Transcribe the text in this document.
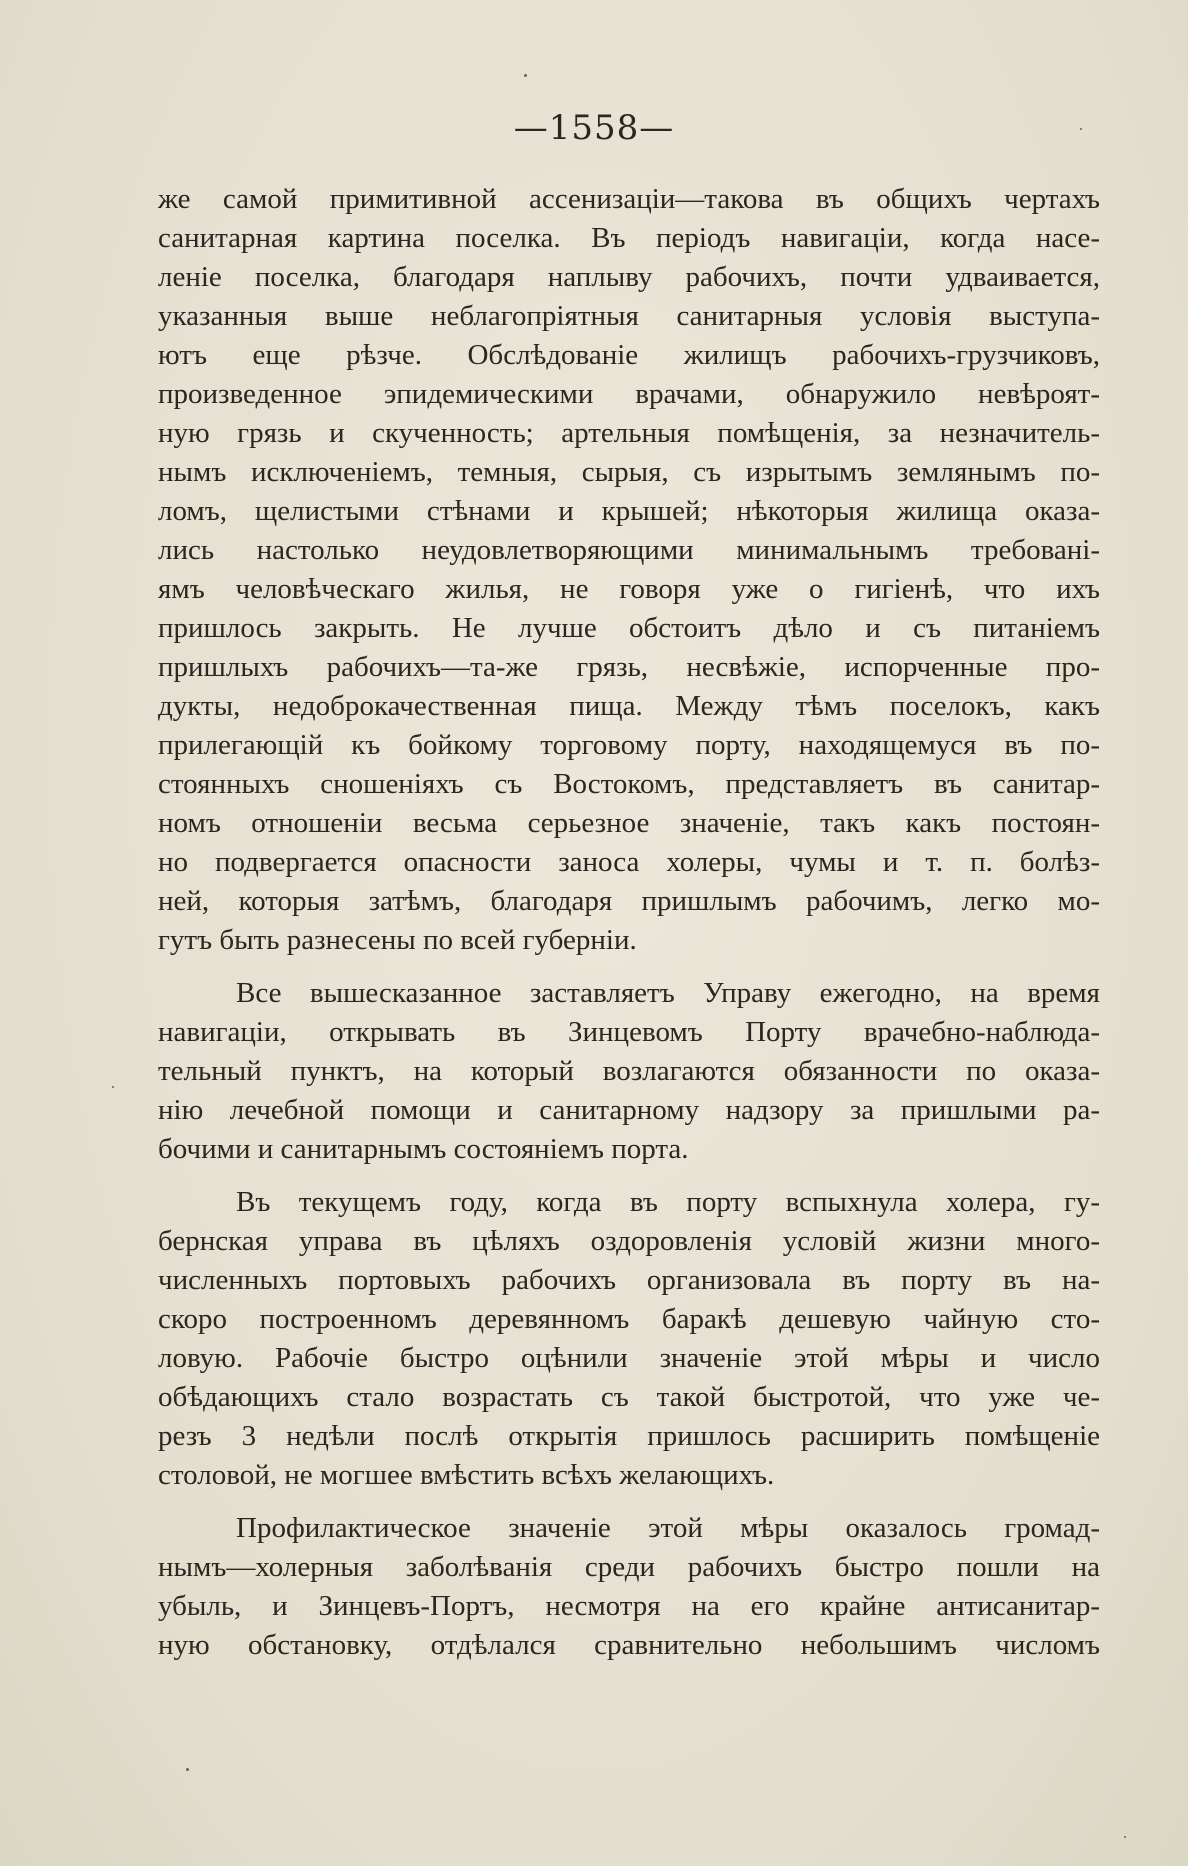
—1558—
же самой примитивной ассенизаціи—такова въ общихъ чертахъ
санитарная картина поселка. Въ періодъ навигаціи, когда насе-
леніе поселка, благодаря наплыву рабочихъ, почти удваивается,
указанныя выше неблагопріятныя санитарныя условія выступа-
ютъ еще рѣзче. Обслѣдованіе жилищъ рабочихъ-грузчиковъ,
произведенное эпидемическими врачами, обнаружило невѣроят-
ную грязь и скученность; артельныя помѣщенія, за незначитель-
нымъ исключеніемъ, темныя, сырыя, съ изрытымъ землянымъ по-
ломъ, щелистыми стѣнами и крышей; нѣкоторыя жилища оказа-
лись настолько неудовлетворяющими минимальнымъ требованi-
ямъ человѣческаго жилья, не говоря уже о гигіенѣ, что ихъ
пришлось закрыть. Не лучше обстоитъ дѣло и съ питаніемъ
пришлыхъ рабочихъ—та-же грязь, несвѣжіе, испорченные про-
дукты, недоброкачественная пища. Между тѣмъ поселокъ, какъ
прилегающій къ бойкому торговому порту, находящемуся въ по-
стоянныхъ сношеніяхъ съ Востокомъ, представляетъ въ санитар-
номъ отношеніи весьма серьезное значеніе, такъ какъ постоян-
но подвергается опасности заноса холеры, чумы и т. п. болѣз-
ней, которыя затѣмъ, благодаря пришлымъ рабочимъ, легко мо-
гутъ быть разнесены по всей губерніи.
Все вышесказанное заставляетъ Управу ежегодно, на время
навигаціи, открывать въ Зинцевомъ Порту врачебно-наблюда-
тельный пунктъ, на который возлагаются обязанности по оказа-
нію лечебной помощи и санитарному надзору за пришлыми ра-
бочими и санитарнымъ состояніемъ порта.
Въ текущемъ году, когда въ порту вспыхнула холера, гу-
бернская управа въ цѣляхъ оздоровленія условій жизни много-
численныхъ портовыхъ рабочихъ организовала въ порту въ на-
скоро построенномъ деревянномъ баракѣ дешевую чайную сто-
ловую. Рабочіе быстро оцѣнили значеніе этой мѣры и число
обѣдающихъ стало возрастать съ такой быстротой, что уже че-
резъ 3 недѣли послѣ открытія пришлось расширить помѣщеніе
столовой, не могшее вмѣстить всѣхъ желающихъ.
Профилактическое значеніе этой мѣры оказалось громад-
нымъ—холерныя заболѣванія среди рабочихъ быстро пошли на
убыль, и Зинцевъ-Портъ, несмотря на его крайне антисанитар-
ную обстановку, отдѣлался сравнительно небольшимъ числомъ
